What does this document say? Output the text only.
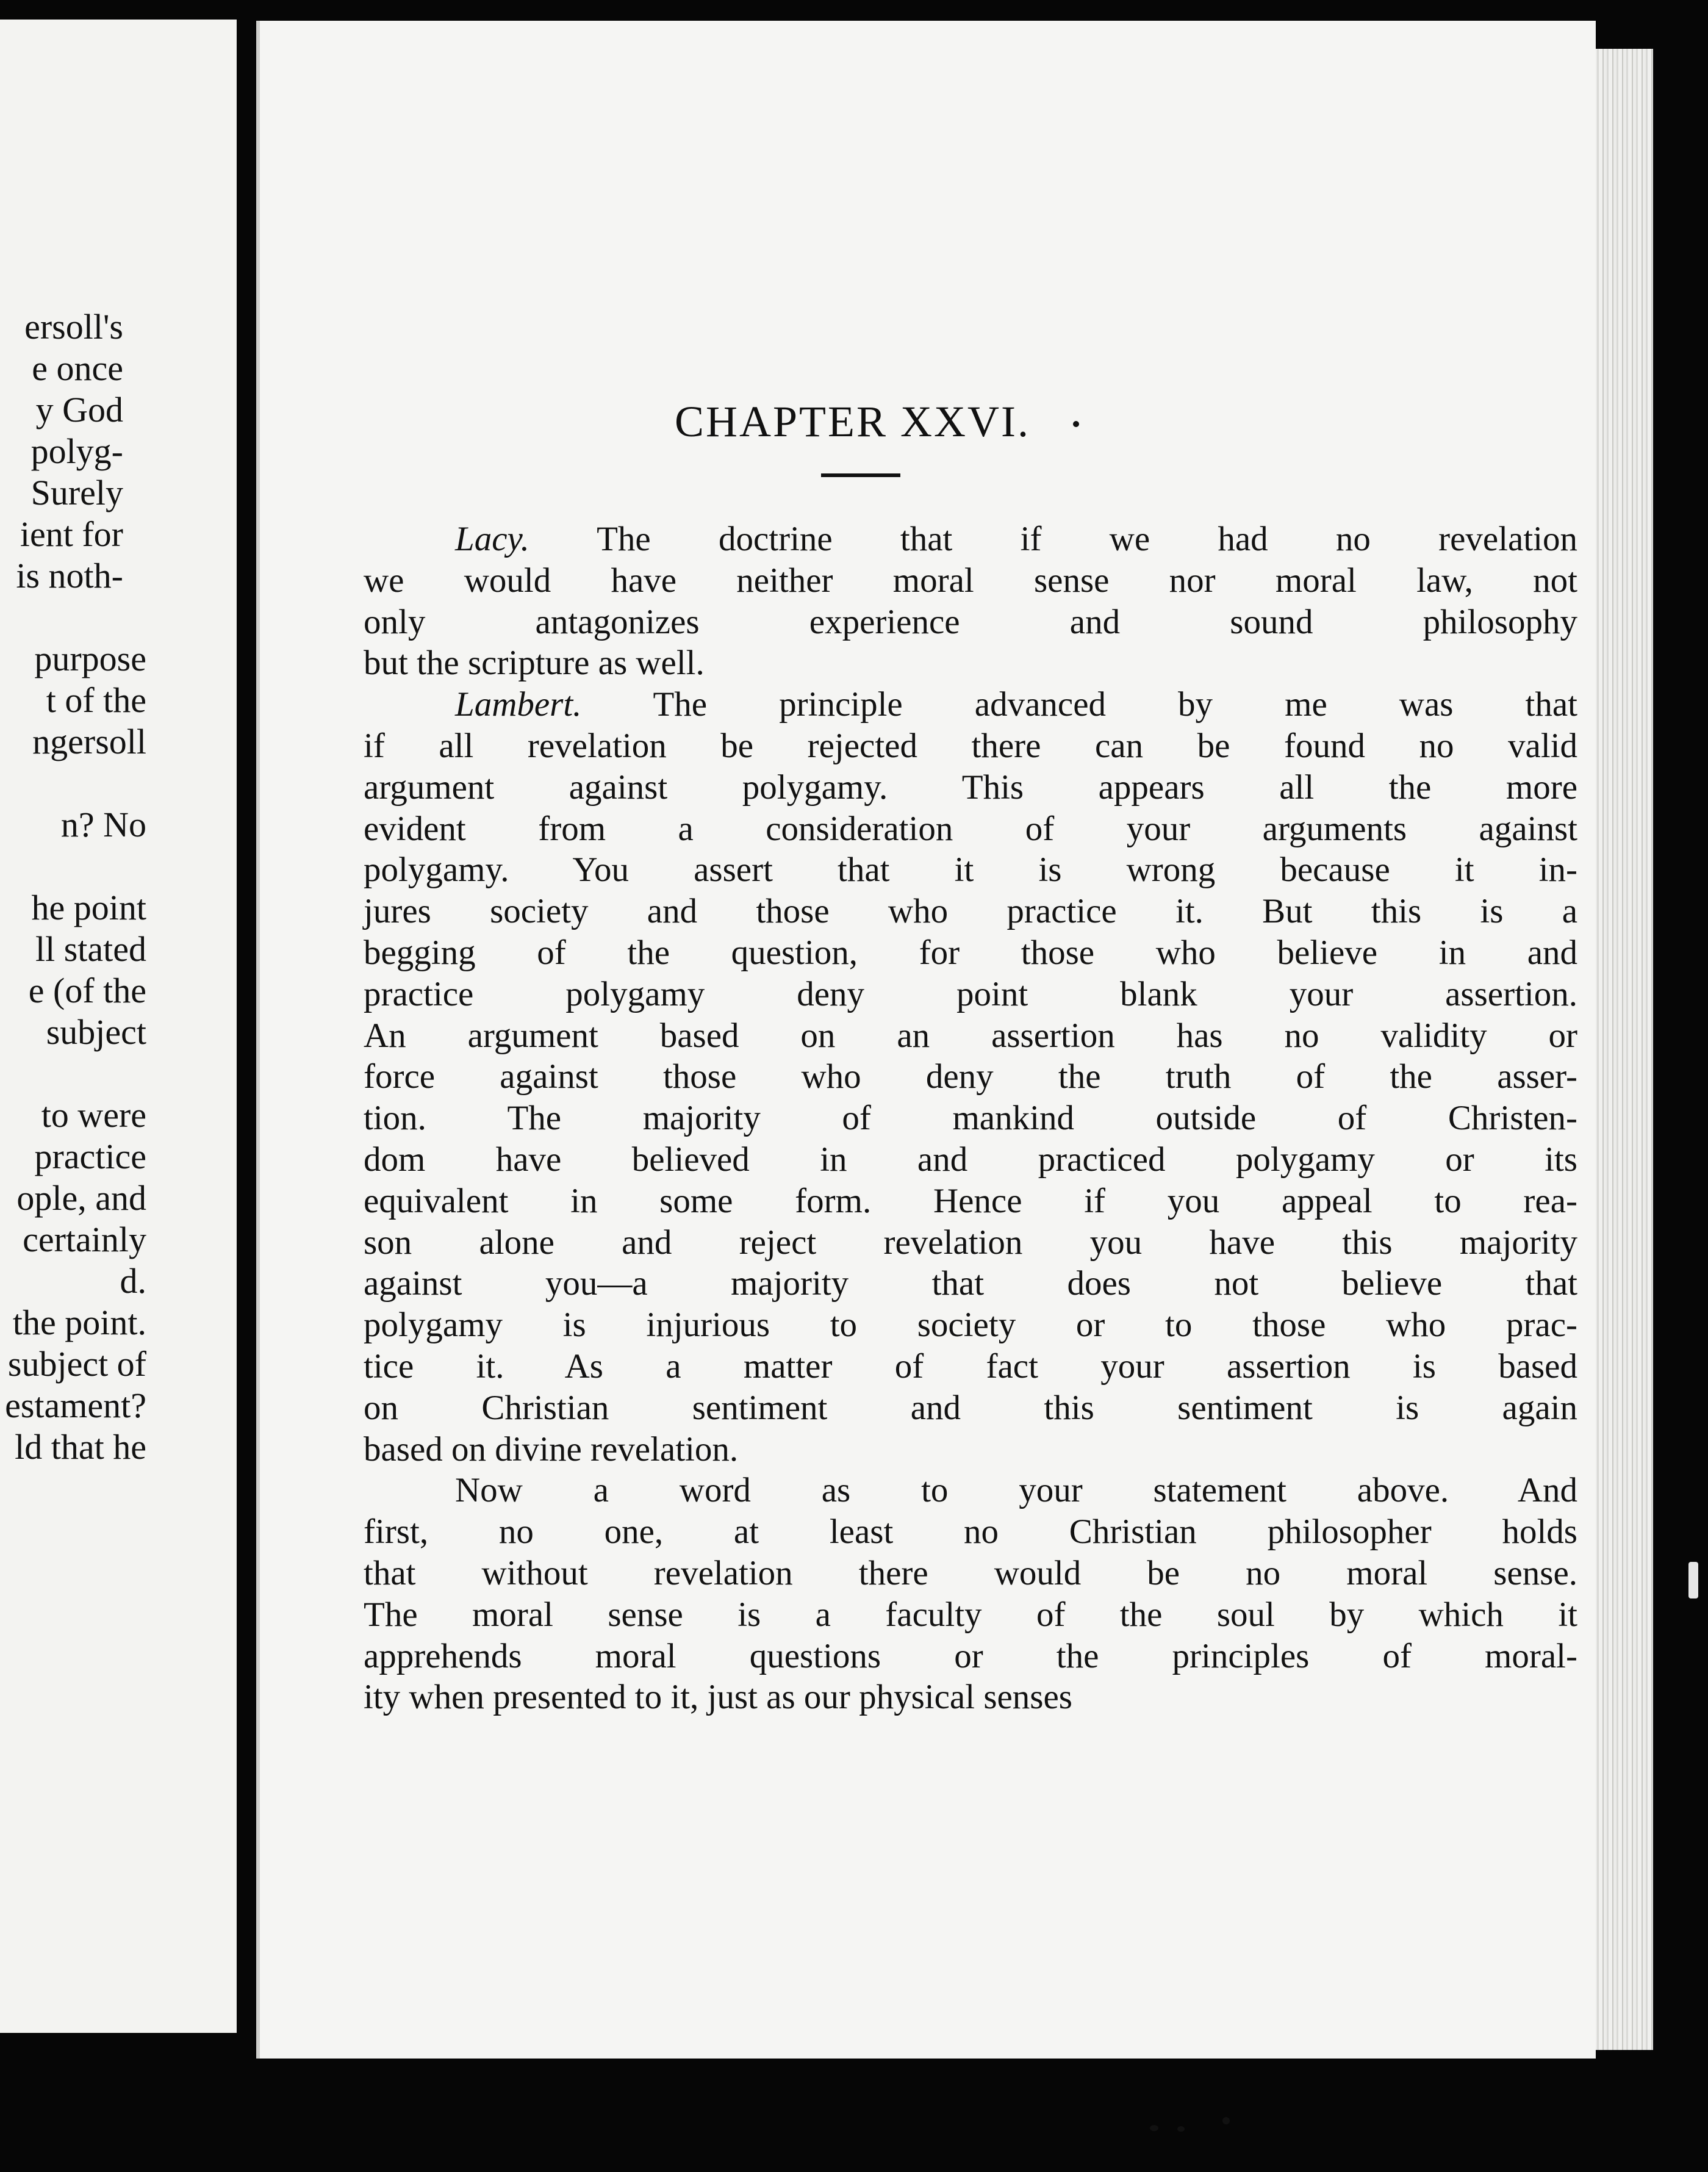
ersoll's
e once
y God
polyg-
Surely
ient for
is noth-
purpose
t of the
ngersoll
n? No
he point
ll stated
e (of the
subject
to were
practice
ople, and
certainly
d.
the point.
subject of
estament?
ld that he
CHAPTER XXVI.
Lacy. The doctrine that if we had no revelation
we would have neither moral sense nor moral law, not
only antagonizes experience and sound philosophy
but the scripture as well.
Lambert. The principle advanced by me was that
if all revelation be rejected there can be found no valid
argument against polygamy. This appears all the more
evident from a consideration of your arguments against
polygamy. You assert that it is wrong because it in-
jures society and those who practice it. But this is a
begging of the question, for those who believe in and
practice polygamy deny point blank your assertion.
An argument based on an assertion has no validity or
force against those who deny the truth of the asser-
tion. The majority of mankind outside of Christen-
dom have believed in and practiced polygamy or its
equivalent in some form. Hence if you appeal to rea-
son alone and reject revelation you have this majority
against you—a majority that does not believe that
polygamy is injurious to society or to those who prac-
tice it. As a matter of fact your assertion is based
on Christian sentiment and this sentiment is again
based on divine revelation.
Now a word as to your statement above. And
first, no one, at least no Christian philosopher holds
that without revelation there would be no moral sense.
The moral sense is a faculty of the soul by which it
apprehends moral questions or the principles of moral-
ity when presented to it, just as our physical senses
